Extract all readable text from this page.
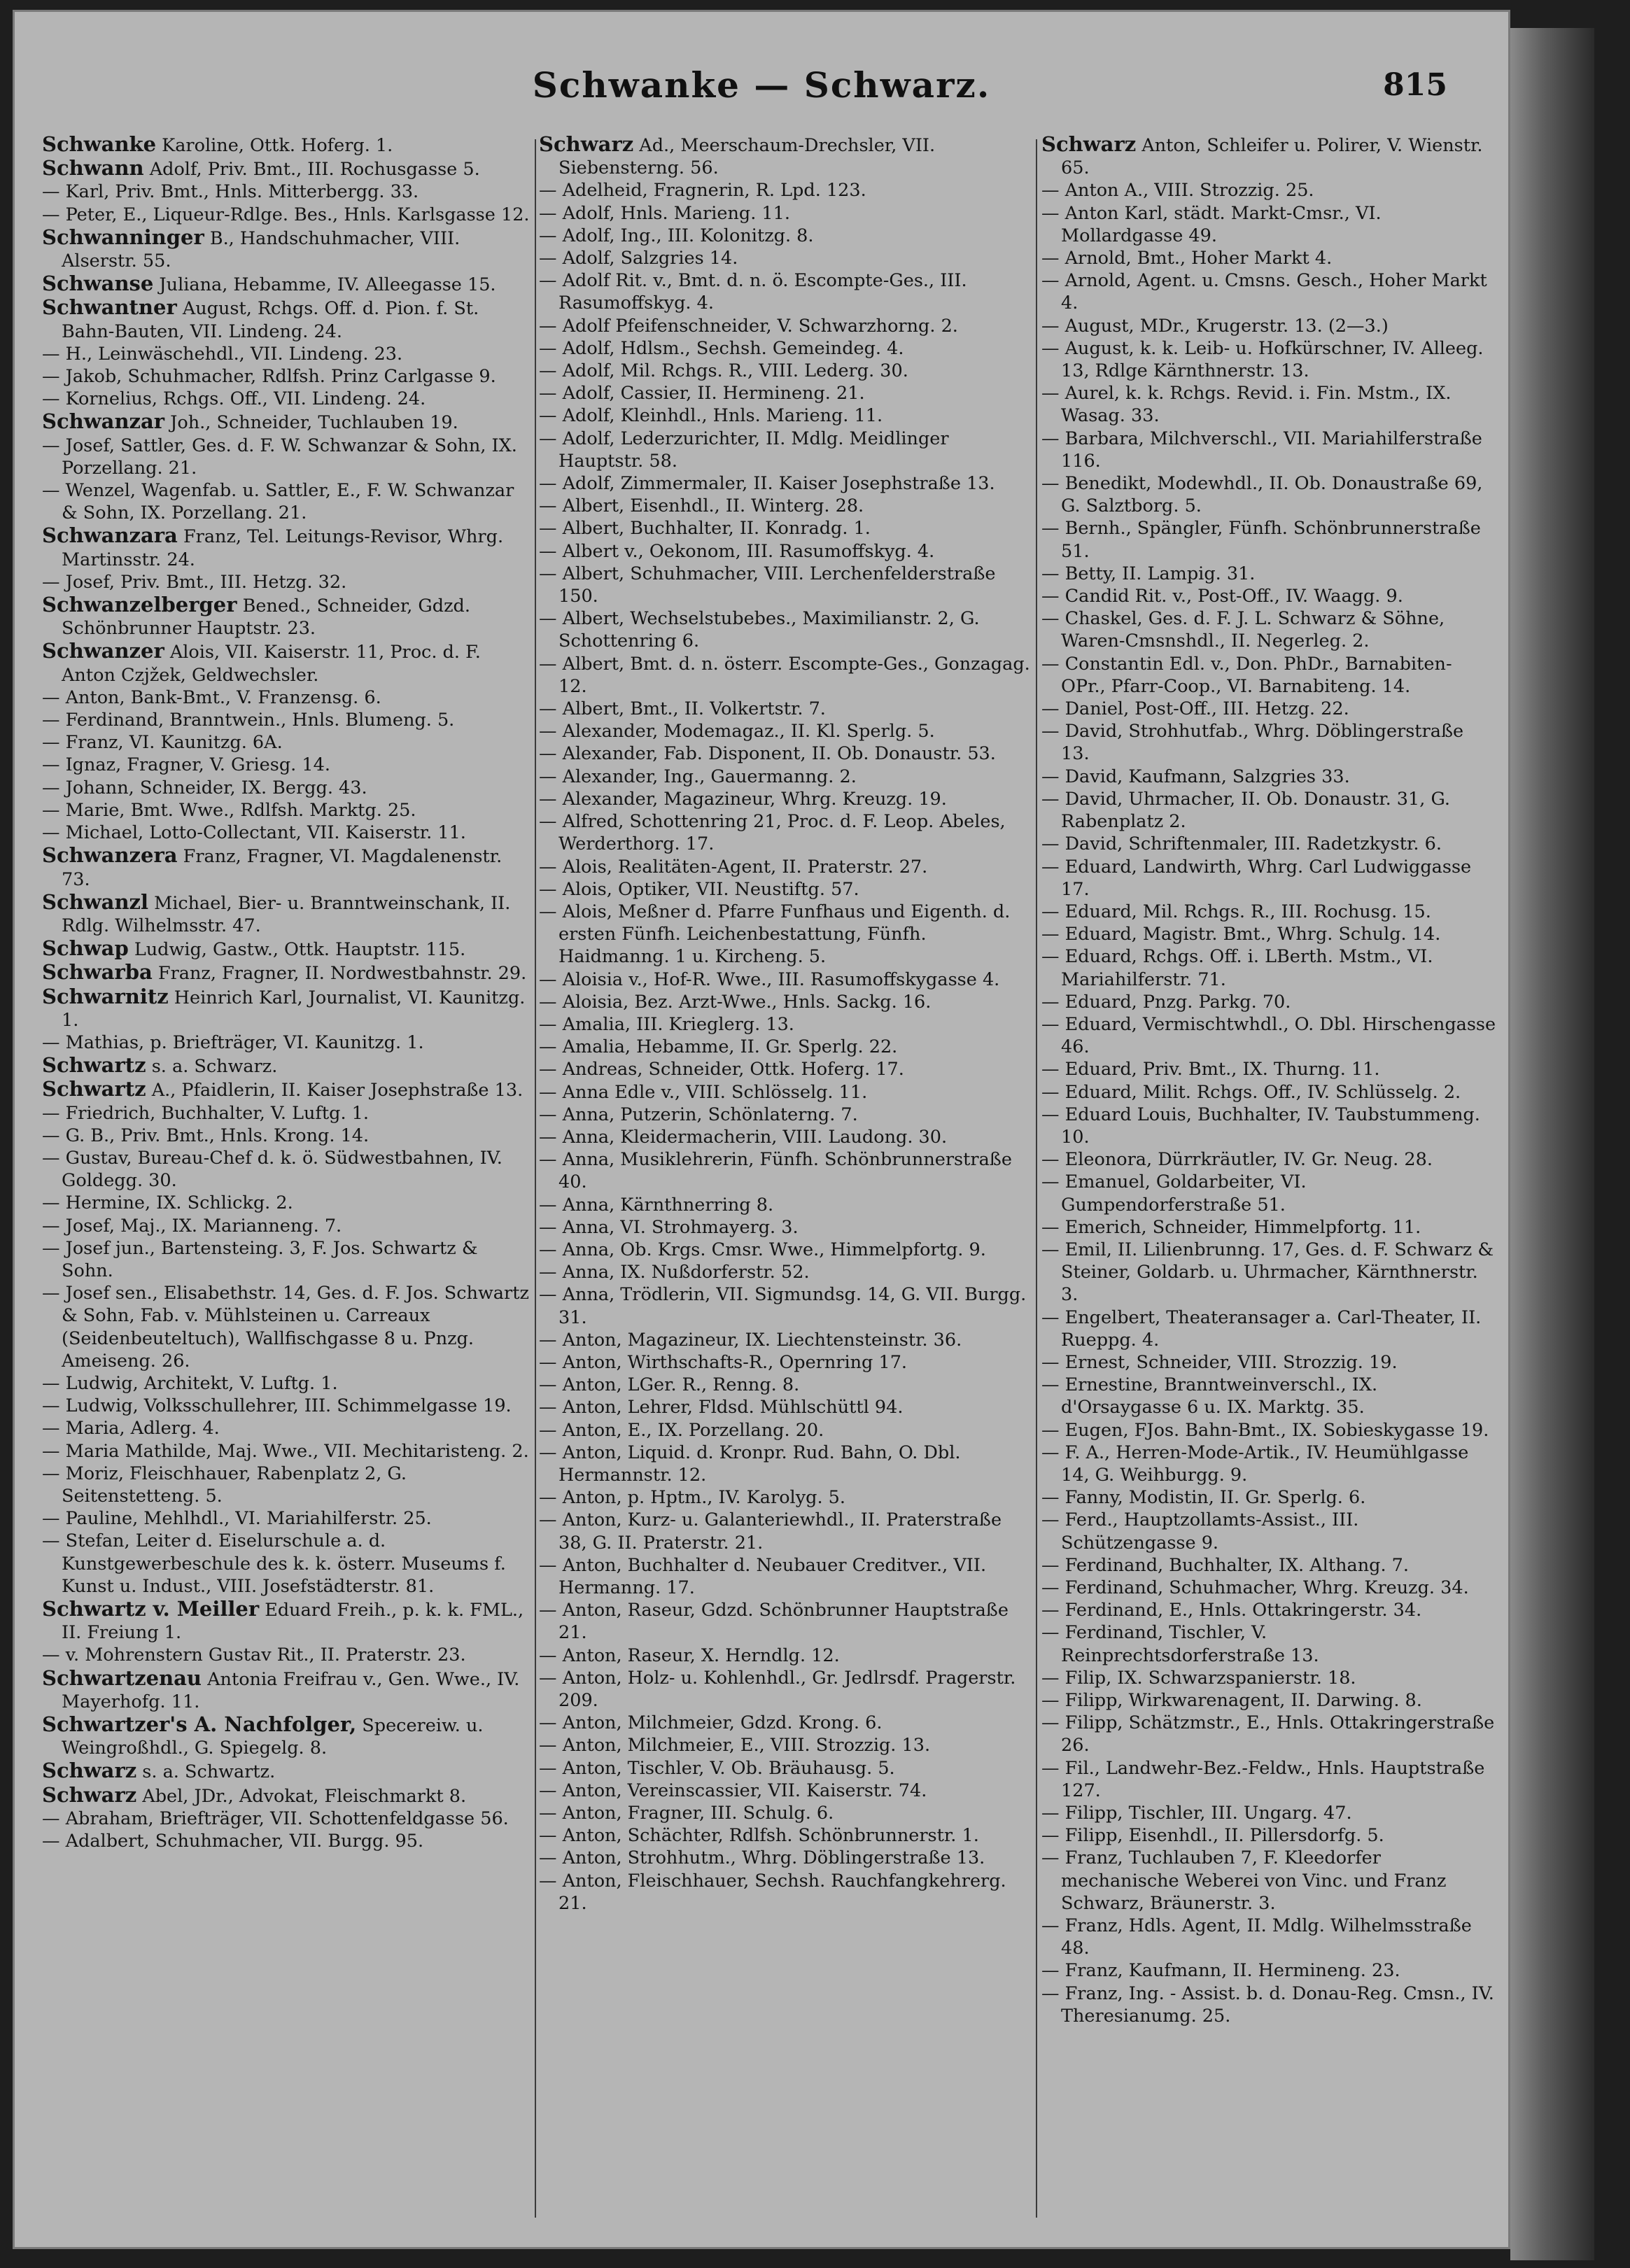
Schwanke — Schwarz.	815

Schwanke Karoline, Ottk. Hoferg. 1.

Schwann Adolf, Priv. Bmt., III. Rochusgasse 5.

— Karl, Priv. Bmt., Hnls. Mitterbergg. 33.

— Peter, E., Liqueur-Rdlge. Bes., Hnls. Karlsgasse 12.

Schwanninger B., Handschuhmacher, VIII. Alserstr. 55.

Schwanse Juliana, Hebamme, IV. Alleegasse 15.

Schwantner August, Rchgs. Off. d. Pion. f. St. Bahn-Bauten, VII. Lindeng. 24.

— H., Leinwäschehdl., VII. Lindeng. 23.

— Jakob, Schuhmacher, Rdlfsh. Prinz Carlgasse 9.

— Kornelius, Rchgs. Off., VII. Lindeng. 24.

Schwanzar Joh., Schneider, Tuchlauben 19.

— Josef, Sattler, Ges. d. F. W. Schwanzar & Sohn, IX. Porzellang. 21.

— Wenzel, Wagenfab. u. Sattler, E., F. W. Schwanzar & Sohn, IX. Porzellang. 21.

Schwanzara Franz, Tel. Leitungs-Revisor, Whrg. Martinsstr. 24.

— Josef, Priv. Bmt., III. Hetzg. 32.

Schwanzelberger Bened., Schneider, Gdzd. Schönbrunner Hauptstr. 23.

Schwanzer Alois, VII. Kaiserstr. 11, Proc. d. F. Anton Czjžek, Geldwechsler.

— Anton, Bank-Bmt., V. Franzensg. 6.

— Ferdinand, Branntwein., Hnls. Blumeng. 5.

— Franz, VI. Kaunitzg. 6A.

— Ignaz, Fragner, V. Griesg. 14.

— Johann, Schneider, IX. Bergg. 43.

— Marie, Bmt. Wwe., Rdlfsh. Marktg. 25.

— Michael, Lotto-Collectant, VII. Kaiserstr. 11.

Schwanzera Franz, Fragner, VI. Magdalenenstr. 73.

Schwanzl Michael, Bier- u. Branntweinschank, II. Rdlg. Wilhelmsstr. 47.

Schwap Ludwig, Gastw., Ottk. Hauptstr. 115.

Schwarba Franz, Fragner, II. Nordwestbahnstr. 29.

Schwarnitz Heinrich Karl, Journalist, VI. Kaunitzg. 1.

— Mathias, p. Briefträger, VI. Kaunitzg. 1.

Schwartz s. a. Schwarz.

Schwartz A., Pfaidlerin, II. Kaiser Josephstraße 13.

— Friedrich, Buchhalter, V. Luftg. 1.

— G. B., Priv. Bmt., Hnls. Krong. 14.

— Gustav, Bureau-Chef d. k. ö. Südwestbahnen, IV. Goldegg. 30.

— Hermine, IX. Schlickg. 2.

— Josef, Maj., IX. Marianneng. 7.

— Josef jun., Bartensteing. 3, F. Jos. Schwartz & Sohn.

— Josef sen., Elisabethstr. 14, Ges. d. F. Jos. Schwartz & Sohn, Fab. v. Mühlsteinen u. Carreaux (Seidenbeuteltuch), Wallfischgasse 8 u. Pnzg. Ameiseng. 26.

— Ludwig, Architekt, V. Luftg. 1.

— Ludwig, Volksschullehrer, III. Schimmelgasse 19.

— Maria, Adlerg. 4.

— Maria Mathilde, Maj. Wwe., VII. Mechitaristeng. 2.

— Moriz, Fleischhauer, Rabenplatz 2, G. Seitenstetteng. 5.

— Pauline, Mehlhdl., VI. Mariahilferstr. 25.

— Stefan, Leiter d. Eiselurschule a. d. Kunstgewerbeschule des k. k. österr. Museums f. Kunst u. Indust., VIII. Josefstädterstr. 81.

Schwartz v. Meiller Eduard Freih., p. k. k. FML., II. Freiung 1.

— v. Mohrenstern Gustav Rit., II. Praterstr. 23.

Schwartzenau Antonia Freifrau v., Gen. Wwe., IV. Mayerhofg. 11.

Schwartzer's A. Nachfolger, Specereiw. u. Weingroßhdl., G. Spiegelg. 8.

Schwarz s. a. Schwartz.

Schwarz Abel, JDr., Advokat, Fleischmarkt 8.

— Abraham, Briefträger, VII. Schottenfeldgasse 56.

— Adalbert, Schuhmacher, VII. Burgg. 95.

Schwarz Ad., Meerschaum-Drechsler, VII. Siebensterng. 56.

— Adelheid, Fragnerin, R. Lpd. 123.

— Adolf, Hnls. Marieng. 11.

— Adolf, Ing., III. Kolonitzg. 8.

— Adolf, Salzgries 14.

— Adolf Rit. v., Bmt. d. n. ö. Escompte-Ges., III. Rasumoffskyg. 4.

— Adolf Pfeifenschneider, V. Schwarzhorng. 2.

— Adolf, Hdlsm., Sechsh. Gemeindeg. 4.

— Adolf, Mil. Rchgs. R., VIII. Lederg. 30.

— Adolf, Cassier, II. Hermineng. 21.

— Adolf, Kleinhdl., Hnls. Marieng. 11.

— Adolf, Lederzurichter, II. Mdlg. Meidlinger Hauptstr. 58.

— Adolf, Zimmermaler, II. Kaiser Josephstraße 13.

— Albert, Eisenhdl., II. Winterg. 28.

— Albert, Buchhalter, II. Konradg. 1.

— Albert v., Oekonom, III. Rasumoffskyg. 4.

— Albert, Schuhmacher, VIII. Lerchenfelderstraße 150.

— Albert, Wechselstubebes., Maximilianstr. 2, G. Schottenring 6.

— Albert, Bmt. d. n. österr. Escompte-Ges., Gonzagag. 12.

— Albert, Bmt., II. Volkertstr. 7.

— Alexander, Modemagaz., II. Kl. Sperlg. 5.

— Alexander, Fab. Disponent, II. Ob. Donaustr. 53.

— Alexander, Ing., Gauermanng. 2.

— Alexander, Magazineur, Whrg. Kreuzg. 19.

— Alfred, Schottenring 21, Proc. d. F. Leop. Abeles, Werderthorg. 17.

— Alois, Realitäten-Agent, II. Praterstr. 27.

— Alois, Optiker, VII. Neustiftg. 57.

— Alois, Meßner d. Pfarre Funfhaus und Eigenth. d. ersten Fünfh. Leichenbestattung, Fünfh. Haidmanng. 1 u. Kircheng. 5.

— Aloisia v., Hof-R. Wwe., III. Rasumoffskygasse 4.

— Aloisia, Bez. Arzt-Wwe., Hnls. Sackg. 16.

— Amalia, III. Krieglerg. 13.

— Amalia, Hebamme, II. Gr. Sperlg. 22.

— Andreas, Schneider, Ottk. Hoferg. 17.

— Anna Edle v., VIII. Schlösselg. 11.

— Anna, Putzerin, Schönlaterng. 7.

— Anna, Kleidermacherin, VIII. Laudong. 30.

— Anna, Musiklehrerin, Fünfh. Schönbrunnerstraße 40.

— Anna, Kärnthnerring 8.

— Anna, VI. Strohmayerg. 3.

— Anna, Ob. Krgs. Cmsr. Wwe., Himmelpfortg. 9.

— Anna, IX. Nußdorferstr. 52.

— Anna, Trödlerin, VII. Sigmundsg. 14, G. VII. Burgg. 31.

— Anton, Magazineur, IX. Liechtensteinstr. 36.

— Anton, Wirthschafts-R., Opernring 17.

— Anton, LGer. R., Renng. 8.

— Anton, Lehrer, Fldsd. Mühlschüttl 94.

— Anton, E., IX. Porzellang. 20.

— Anton, Liquid. d. Kronpr. Rud. Bahn, O. Dbl. Hermannstr. 12.

— Anton, p. Hptm., IV. Karolyg. 5.

— Anton, Kurz- u. Galanteriewhdl., II. Praterstraße 38, G. II. Praterstr. 21.

— Anton, Buchhalter d. Neubauer Creditver., VII. Hermanng. 17.

— Anton, Raseur, Gdzd. Schönbrunner Hauptstraße 21.

— Anton, Raseur, X. Herndlg. 12.

— Anton, Holz- u. Kohlenhdl., Gr. Jedlrsdf. Pragerstr. 209.

— Anton, Milchmeier, Gdzd. Krong. 6.

— Anton, Milchmeier, E., VIII. Strozzig. 13.

— Anton, Tischler, V. Ob. Bräuhausg. 5.

— Anton, Vereinscassier, VII. Kaiserstr. 74.

— Anton, Fragner, III. Schulg. 6.

— Anton, Schächter, Rdlfsh. Schönbrunnerstr. 1.

— Anton, Strohhutm., Whrg. Döblingerstraße 13.

— Anton, Fleischhauer, Sechsh. Rauchfangkehrerg. 21.

Schwarz Anton, Schleifer u. Polirer, V. Wienstr. 65.

— Anton A., VIII. Strozzig. 25.

— Anton Karl, städt. Markt-Cmsr., VI. Mollardgasse 49.

— Arnold, Bmt., Hoher Markt 4.

— Arnold, Agent. u. Cmsns. Gesch., Hoher Markt 4.

— August, MDr., Krugerstr. 13. (2—3.)

— August, k. k. Leib- u. Hofkürschner, IV. Alleeg. 13, Rdlge Kärnthnerstr. 13.

— Aurel, k. k. Rchgs. Revid. i. Fin. Mstm., IX. Wasag. 33.

— Barbara, Milchverschl., VII. Mariahilferstraße 116.

— Benedikt, Modewhdl., II. Ob. Donaustraße 69, G. Salztborg. 5.

— Bernh., Spängler, Fünfh. Schönbrunnerstraße 51.

— Betty, II. Lampig. 31.

— Candid Rit. v., Post-Off., IV. Waagg. 9.

— Chaskel, Ges. d. F. J. L. Schwarz & Söhne, Waren-Cmsnshdl., II. Negerleg. 2.

— Constantin Edl. v., Don. PhDr., Barnabiten-OPr., Pfarr-Coop., VI. Barnabiteng. 14.

— Daniel, Post-Off., III. Hetzg. 22.

— David, Strohhutfab., Whrg. Döblingerstraße 13.

— David, Kaufmann, Salzgries 33.

— David, Uhrmacher, II. Ob. Donaustr. 31, G. Rabenplatz 2.

— David, Schriftenmaler, III. Radetzkystr. 6.

— Eduard, Landwirth, Whrg. Carl Ludwiggasse 17.

— Eduard, Mil. Rchgs. R., III. Rochusg. 15.

— Eduard, Magistr. Bmt., Whrg. Schulg. 14.

— Eduard, Rchgs. Off. i. LBerth. Mstm., VI. Mariahilferstr. 71.

— Eduard, Pnzg. Parkg. 70.

— Eduard, Vermischtwhdl., O. Dbl. Hirschengasse 46.

— Eduard, Priv. Bmt., IX. Thurng. 11.

— Eduard, Milit. Rchgs. Off., IV. Schlüsselg. 2.

— Eduard Louis, Buchhalter, IV. Taubstummeng. 10.

— Eleonora, Dürrkräutler, IV. Gr. Neug. 28.

— Emanuel, Goldarbeiter, VI. Gumpendorferstraße 51.

— Emerich, Schneider, Himmelpfortg. 11.

— Emil, II. Lilienbrunng. 17, Ges. d. F. Schwarz & Steiner, Goldarb. u. Uhrmacher, Kärnthnerstr. 3.

— Engelbert, Theateransager a. Carl-Theater, II. Rueppg. 4.

— Ernest, Schneider, VIII. Strozzig. 19.

— Ernestine, Branntweinverschl., IX. d'Orsaygasse 6 u. IX. Marktg. 35.

— Eugen, FJos. Bahn-Bmt., IX. Sobieskygasse 19.

— F. A., Herren-Mode-Artik., IV. Heumühlgasse 14, G. Weihburgg. 9.

— Fanny, Modistin, II. Gr. Sperlg. 6.

— Ferd., Hauptzollamts-Assist., III. Schützengasse 9.

— Ferdinand, Buchhalter, IX. Althang. 7.

— Ferdinand, Schuhmacher, Whrg. Kreuzg. 34.

— Ferdinand, E., Hnls. Ottakringerstr. 34.

— Ferdinand, Tischler, V. Reinprechtsdorferstraße 13.

— Filip, IX. Schwarzspanierstr. 18.

— Filipp, Wirkwarenagent, II. Darwing. 8.

— Filipp, Schätzmstr., E., Hnls. Ottakringerstraße 26.

— Fil., Landwehr-Bez.-Feldw., Hnls. Hauptstraße 127.

— Filipp, Tischler, III. Ungarg. 47.

— Filipp, Eisenhdl., II. Pillersdorfg. 5.

— Franz, Tuchlauben 7, F. Kleedorfer mechanische Weberei von Vinc. und Franz Schwarz, Bräunerstr. 3.

— Franz, Hdls. Agent, II. Mdlg. Wilhelmsstraße 48.

— Franz, Kaufmann, II. Hermineng. 23.

— Franz, Ing. - Assist. b. d. Donau-Reg. Cmsn., IV. Theresianumg. 25.
